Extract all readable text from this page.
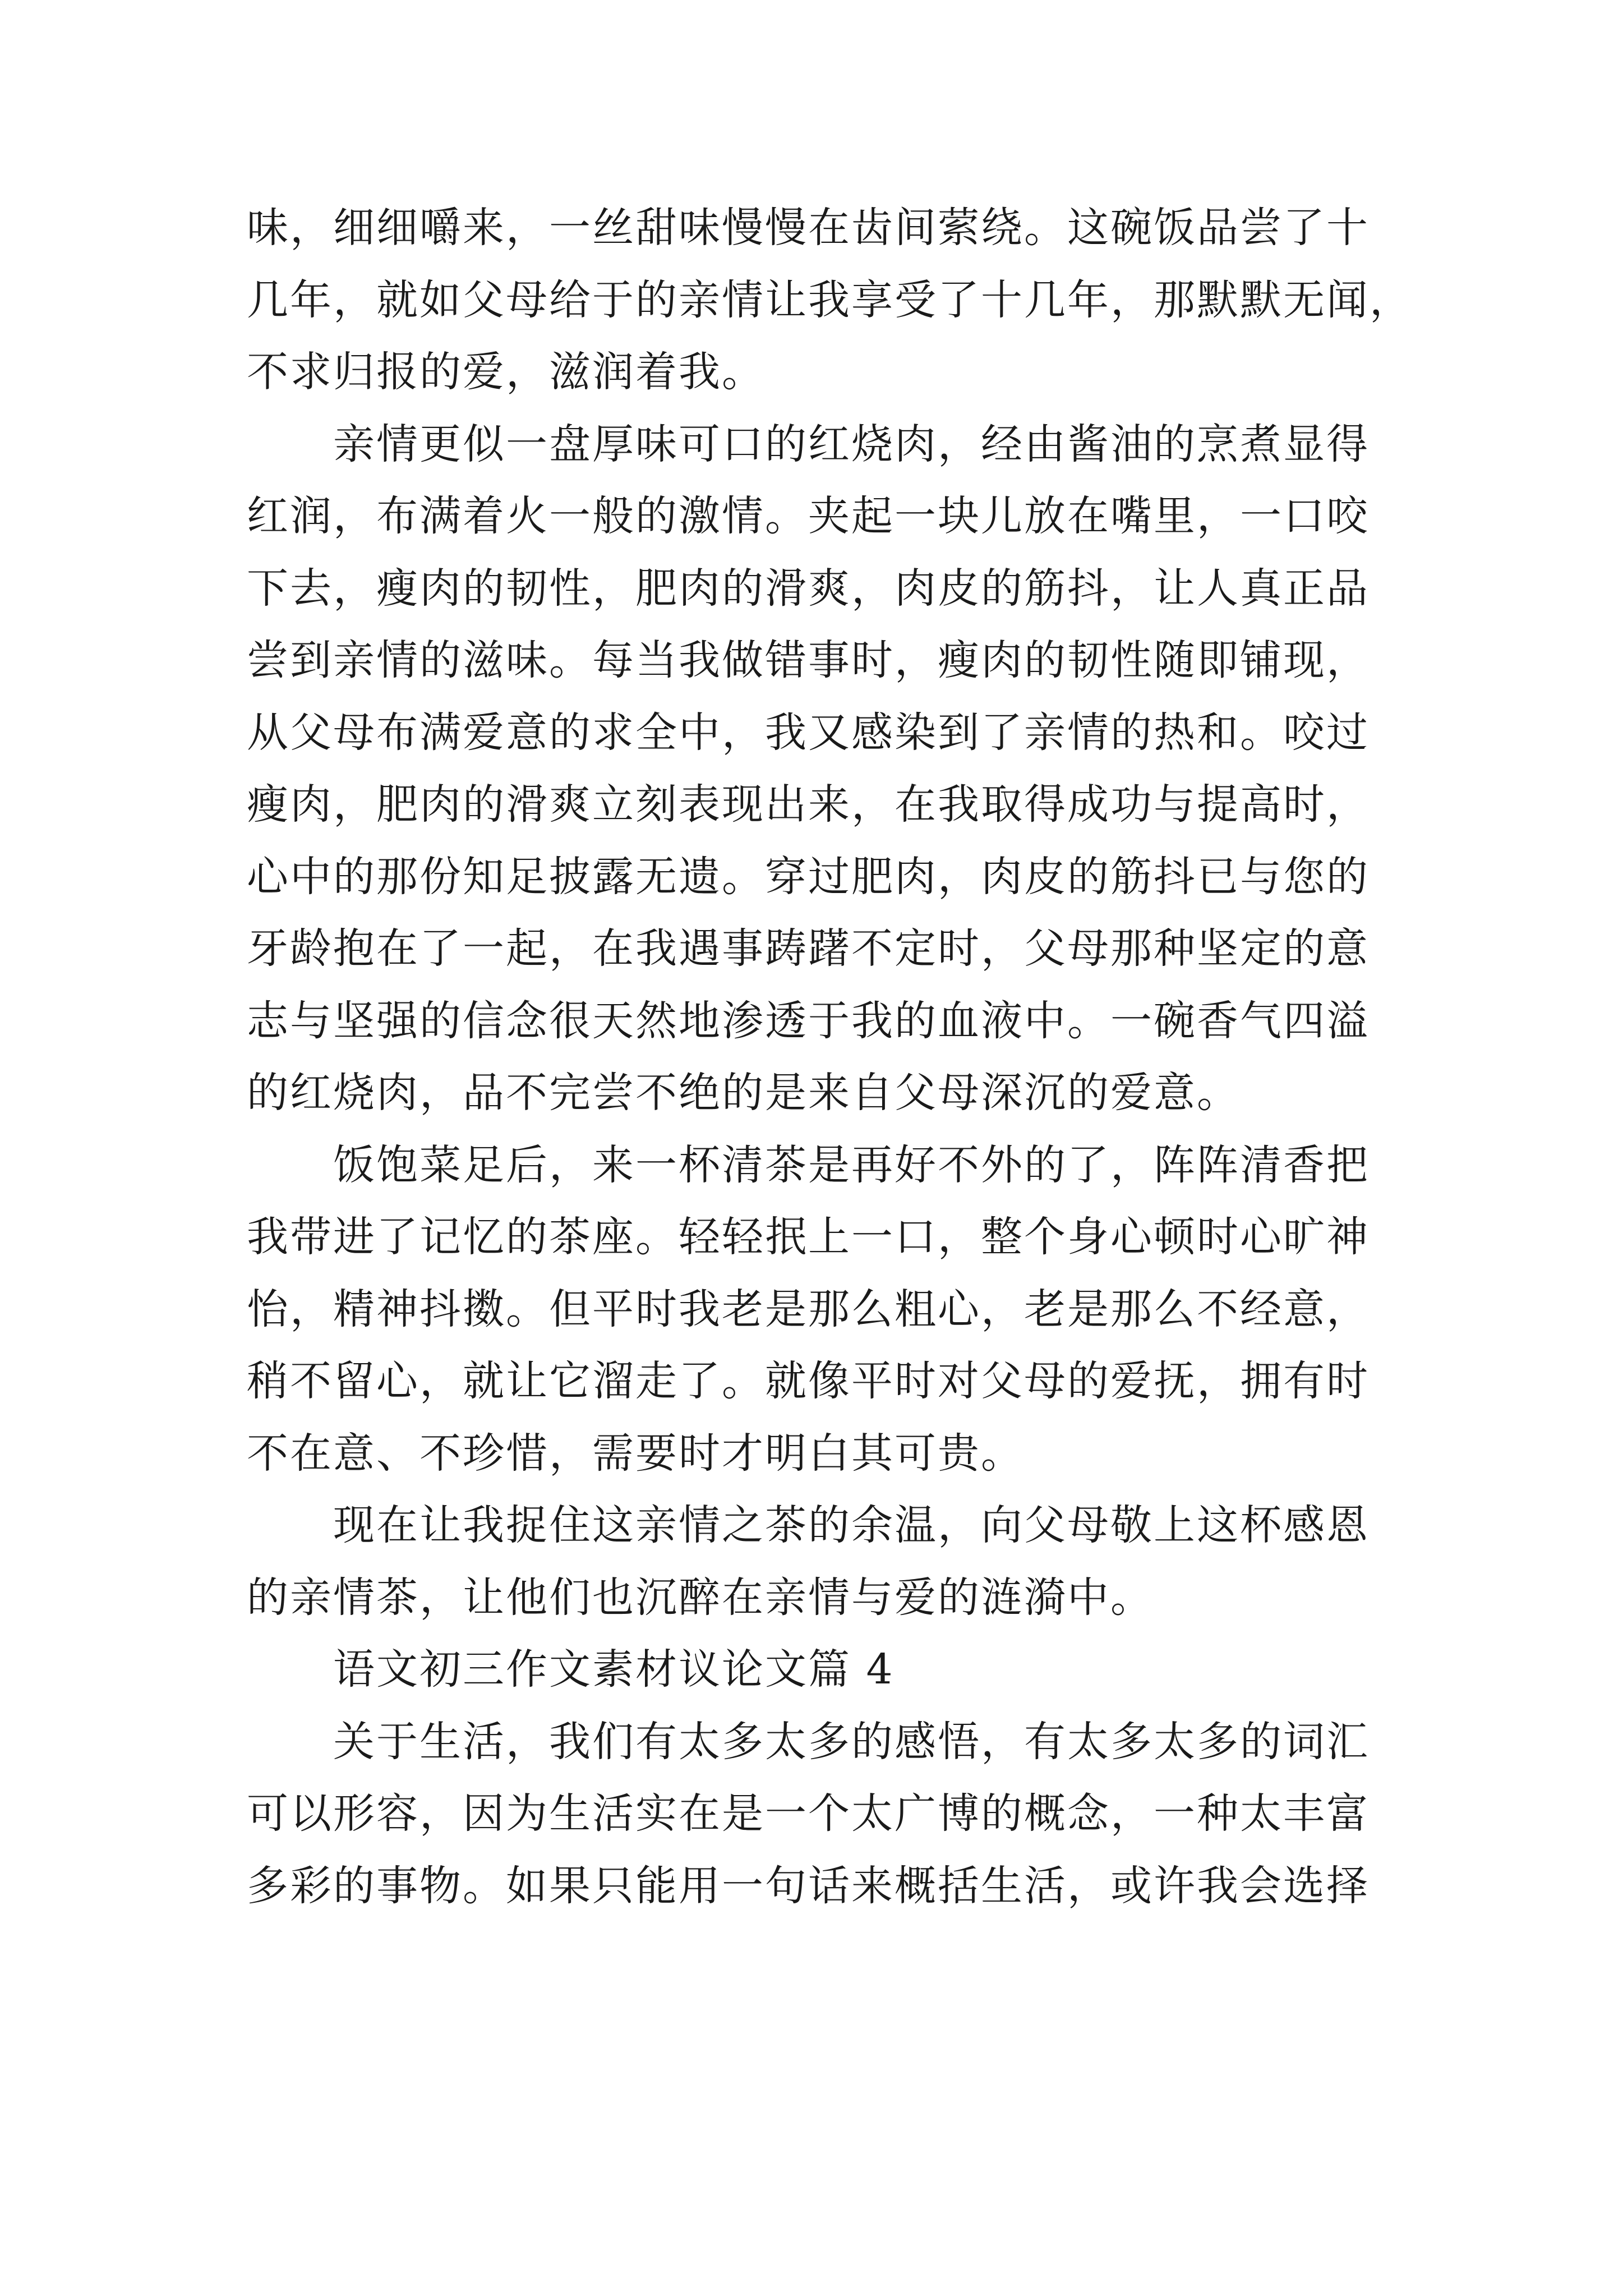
味，细细嚼来，一丝甜味慢慢在齿间萦绕。这碗饭品尝了十
几年，就如父母给于的亲情让我享受了十几年，那默默无闻，
不求归报的爱，滋润着我。
　　亲情更似一盘厚味可口的红烧肉，经由酱油的烹煮显得
红润，布满着火一般的激情。夹起一块儿放在嘴里，一口咬
下去，瘦肉的韧性，肥肉的滑爽，肉皮的筋抖，让人真正品
尝到亲情的滋味。每当我做错事时，瘦肉的韧性随即铺现，
从父母布满爱意的求全中，我又感染到了亲情的热和。咬过
瘦肉，肥肉的滑爽立刻表现出来，在我取得成功与提高时，
心中的那份知足披露无遗。穿过肥肉，肉皮的筋抖已与您的
牙龄抱在了一起，在我遇事踌躇不定时，父母那种坚定的意
志与坚强的信念很天然地渗透于我的血液中。一碗香气四溢
的红烧肉，品不完尝不绝的是来自父母深沉的爱意。
　　饭饱菜足后，来一杯清茶是再好不外的了，阵阵清香把
我带进了记忆的茶座。轻轻抿上一口，整个身心顿时心旷神
怡，精神抖擞。但平时我老是那么粗心，老是那么不经意，
稍不留心，就让它溜走了。就像平时对父母的爱抚，拥有时
不在意、不珍惜，需要时才明白其可贵。
　　现在让我捉住这亲情之茶的余温，向父母敬上这杯感恩
的亲情茶，让他们也沉醉在亲情与爱的涟漪中。
　　语文初三作文素材议论文篇 4
　　关于生活，我们有太多太多的感悟，有太多太多的词汇
可以形容，因为生活实在是一个太广博的概念，一种太丰富
多彩的事物。如果只能用一句话来概括生活，或许我会选择
